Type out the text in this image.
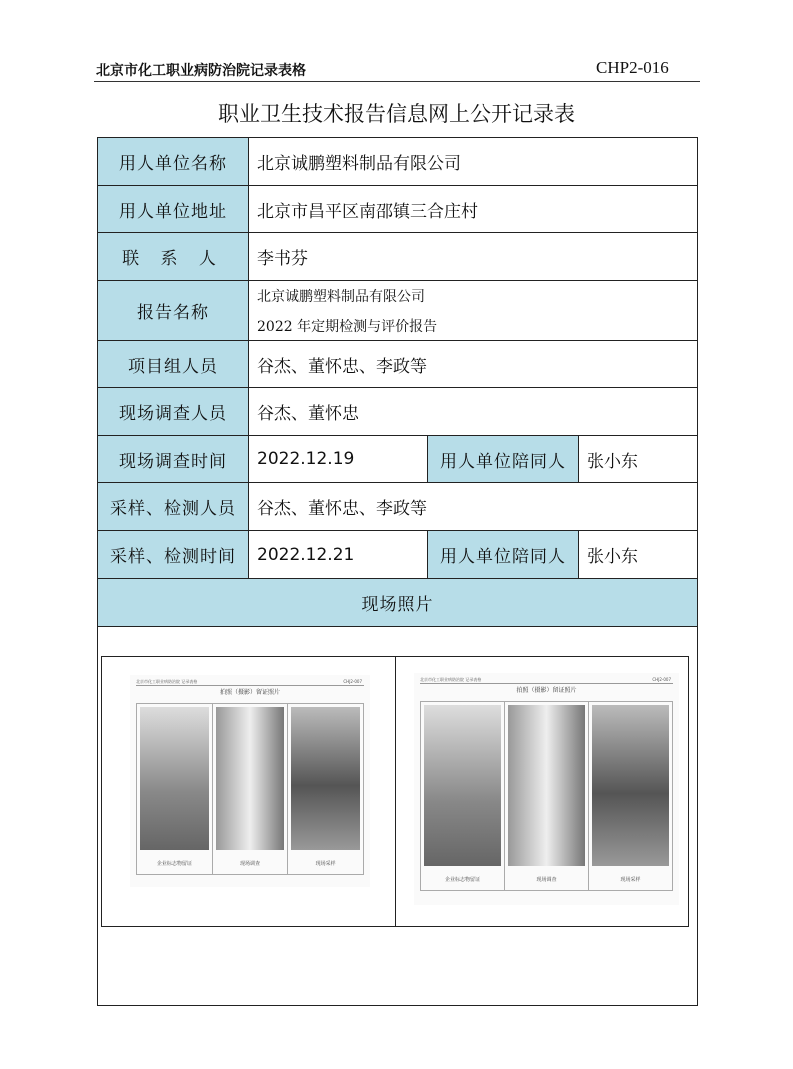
北京市化工职业病防治院记录表格	CHP2-016
职业卫生技术报告信息网上公开记录表
用人单位名称	北京诚鹏塑料制品有限公司
用人单位地址	北京市昌平区南邵镇三合庄村
联 系 人	李书芬
报告名称
北京诚鹏塑料制品有限公司
2022 年定期检测与评价报告
项目组人员	谷杰、董怀忠、李政等
现场调查人员	谷杰、董怀忠
现场调查时间	2022.12.19	用人单位陪同人	张小东
采样、检测人员	谷杰、董怀忠、李政等
采样、检测时间	2022.12.21	用人单位陪同人	张小东
现场照片
北京市化工职业病防治院 记录表格	CHJ2-007
拍照（摄影）留证照片
企业标志物留证	现场调查	现场采样
北京市化工职业病防治院 记录表格	CHJ2-007
拍照（摄影）留证照片
企业标志物留证	现场调查	现场采样
